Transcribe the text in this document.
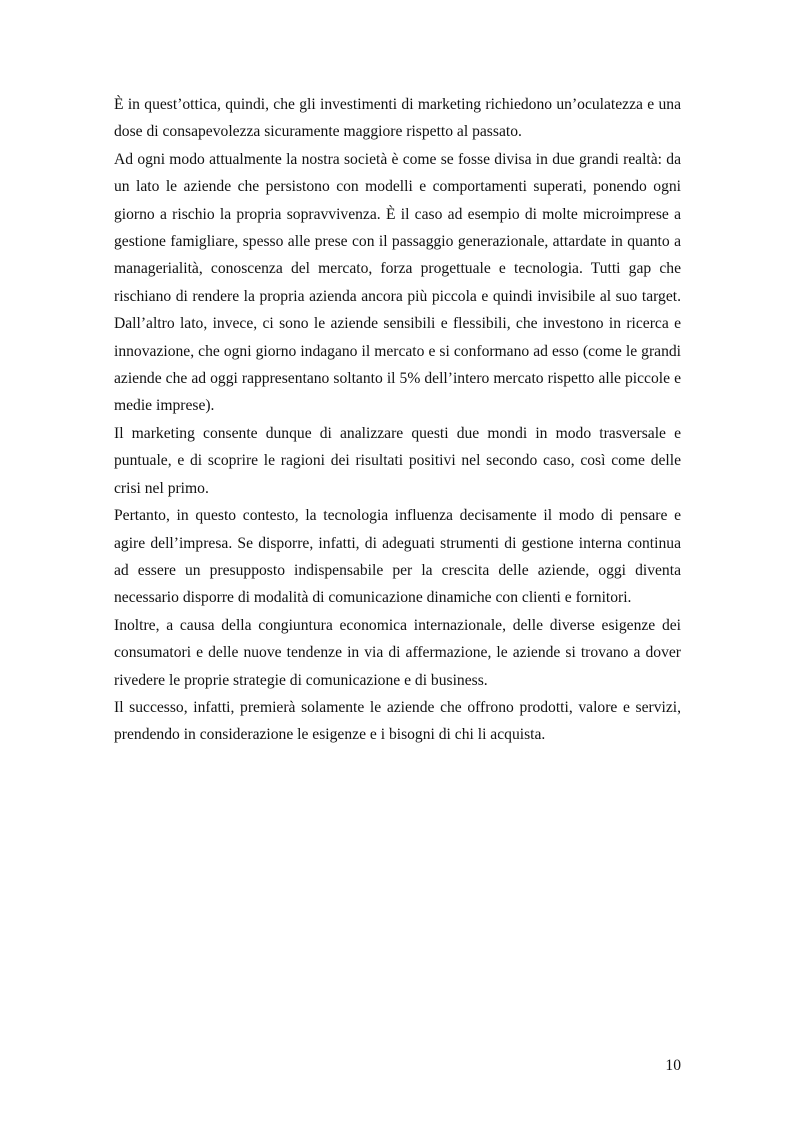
È in quest’ottica, quindi, che gli investimenti di marketing richiedono un’oculatezza e una dose di consapevolezza sicuramente maggiore rispetto al passato.

Ad ogni modo attualmente la nostra società è come se fosse divisa in due grandi realtà: da un lato le aziende che persistono con modelli e comportamenti superati, ponendo ogni giorno a rischio la propria sopravvivenza. È il caso ad esempio di molte microimprese a gestione famigliare, spesso alle prese con il passaggio generazionale, attardate in quanto a managerialità, conoscenza del mercato, forza progettuale e tecnologia. Tutti gap che rischiano di rendere la propria azienda ancora più piccola e quindi invisibile al suo target. Dall’altro lato, invece, ci sono le aziende sensibili e flessibili, che investono in ricerca e innovazione, che ogni giorno indagano il mercato e si conformano ad esso (come le grandi aziende che ad oggi rappresentano soltanto il 5% dell’intero mercato rispetto alle piccole e medie imprese).

Il marketing consente dunque di analizzare questi due mondi in modo trasversale e puntuale, e di scoprire le ragioni dei risultati positivi nel secondo caso, così come delle crisi nel primo.

Pertanto, in questo contesto, la tecnologia influenza decisamente il modo di pensare e agire dell’impresa. Se disporre, infatti, di adeguati strumenti di gestione interna continua ad essere un presupposto indispensabile per la crescita delle aziende, oggi diventa necessario disporre di modalità di comunicazione dinamiche con clienti e fornitori.

Inoltre, a causa della congiuntura economica internazionale, delle diverse esigenze dei consumatori e delle nuove tendenze in via di affermazione, le aziende si trovano a dover rivedere le proprie strategie di comunicazione e di business.

Il successo, infatti, premierà solamente le aziende che offrono prodotti, valore e servizi, prendendo in considerazione le esigenze e i bisogni di chi li acquista.

10
